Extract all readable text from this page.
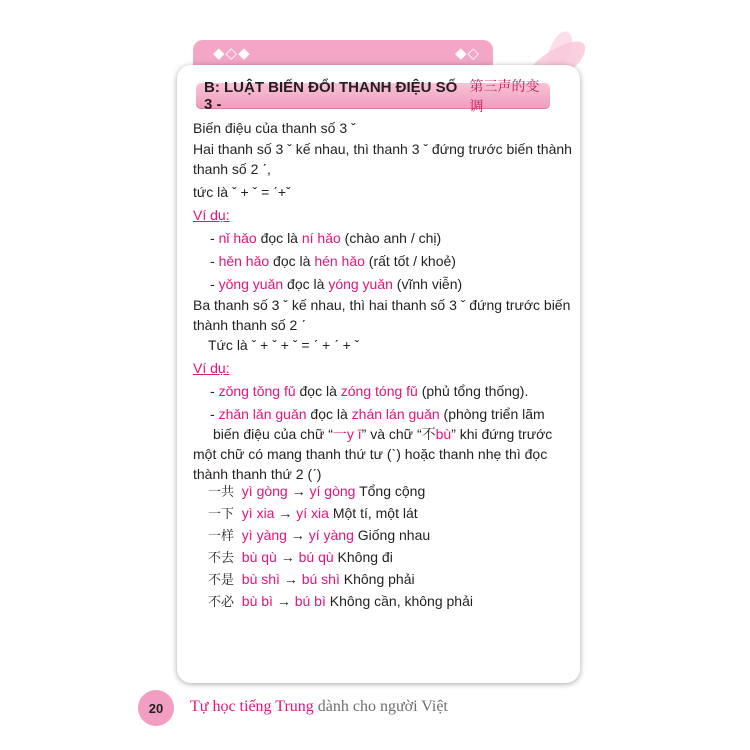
◆◇◆	◆◇
B: LUẬT BIẾN ĐỔI THANH ĐIỆU SỐ 3 -
第三声的变调
Biến điệu của thanh số 3 ˇ
Hai thanh số 3 ˇ kế nhau, thì thanh 3 ˇ đứng trước biến thành
thanh số 2 ˊ,
tức là ˇ + ˇ = ˊ+ˇ
Ví dụ:
- nǐ hǎo đọc là ní hǎo (chào anh / chị)
- hěn hǎo đọc là hén hǎo (rất tốt / khoẻ)
- yǒng yuǎn đọc là yóng yuǎn (vĩnh viễn)
Ba thanh số 3 ˇ kế nhau, thì hai thanh số 3 ˇ đứng trước biến
thành thanh số 2 ˊ
Tức là ˇ + ˇ + ˇ = ˊ + ˊ + ˇ
Ví dụ:
- zǒng tǒng fǔ đọc là zóng tóng fǔ (phủ tổng thống).
- zhǎn lǎn guǎn đọc là zhán lán guǎn (phòng triển lãm
biến điệu của chữ “一y ī” và chữ “不bù” khi đứng trước
một chữ có mang thanh thứ tư (ˋ) hoặc thanh nhẹ thì đọc
thành thanh thứ 2 (ˊ)
一共 yì gòng → yí gòng Tổng cộng
一下 yì xia → yí xia Một tí, một lát
一样 yì yàng → yí yàng Giống nhau
不去 bù qù → bú qù Không đi
不是 bù shì → bú shì Không phải
不必 bù bì → bú bì Không cần, không phải
20 Tự học tiếng Trung dành cho người Việt
